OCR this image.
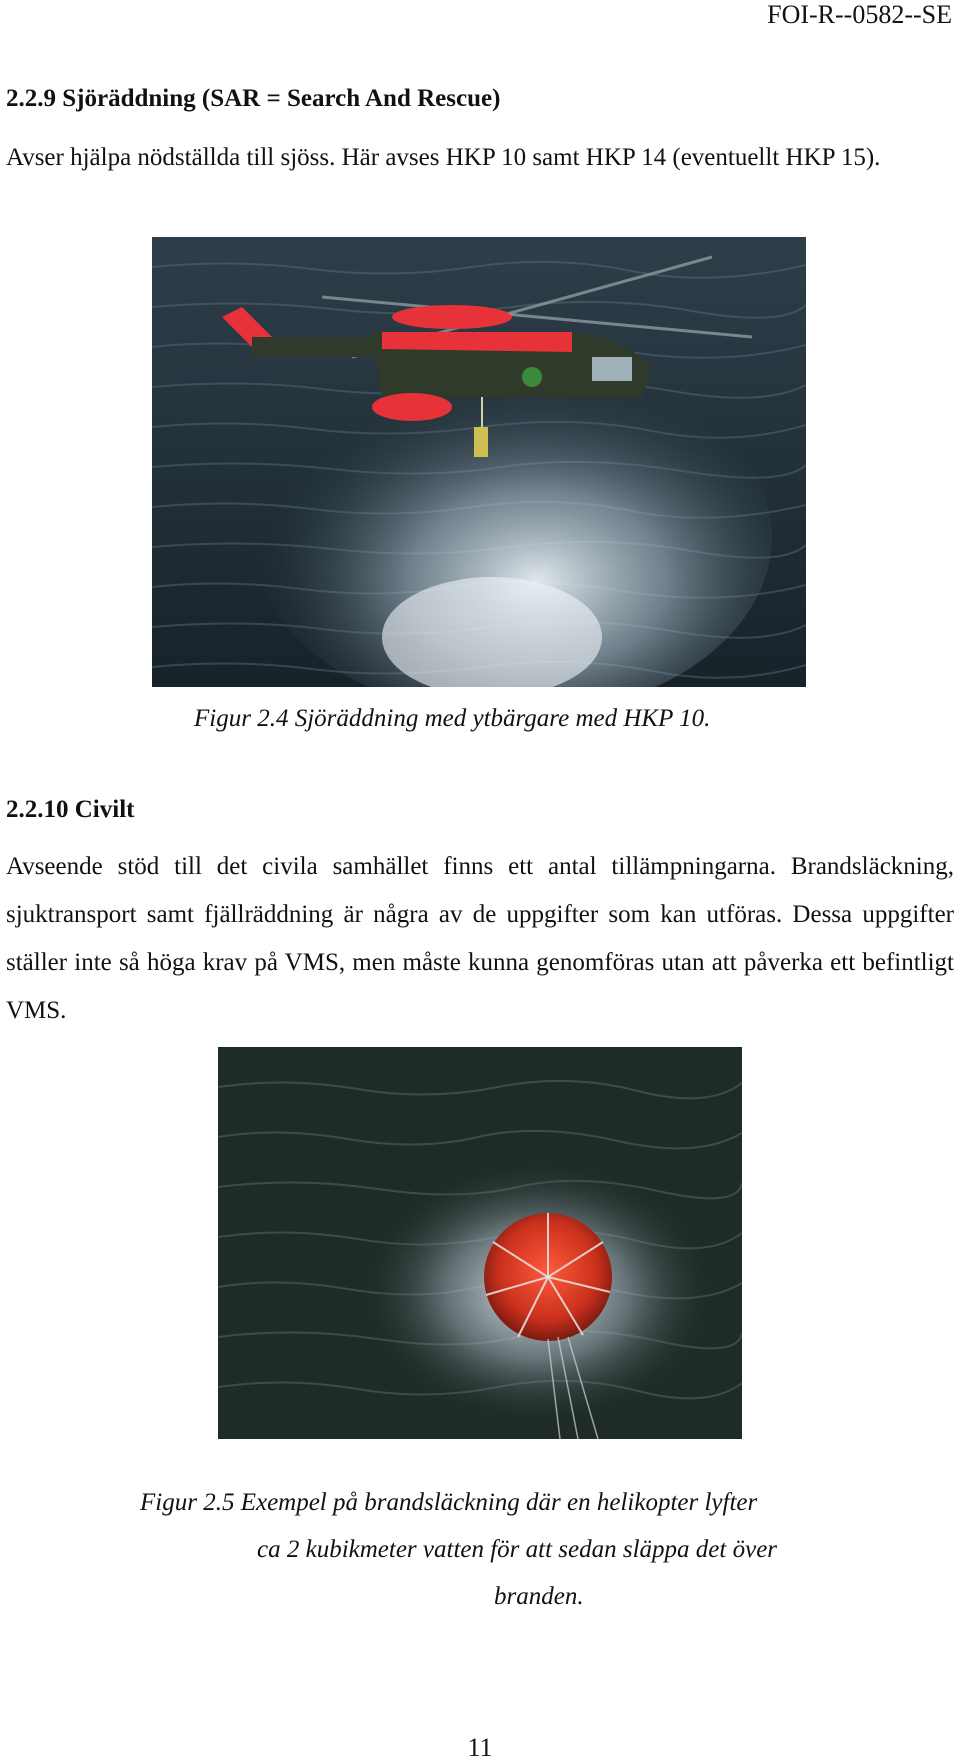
FOI-R--0582--SE
2.2.9 Sjöräddning (SAR = Search And Rescue)

Avser hjälpa nödställda till sjöss. Här avses HKP 10 samt HKP 14 (eventuellt HKP 15).

Figur 2.4 Sjöräddning med ytbärgare med HKP 10.

2.2.10 Civilt

Avseende stöd till det civila samhället finns ett antal tillämpningarna. Brandsläckning, sjuktransport samt fjällräddning är några av de uppgifter som kan utföras. Dessa uppgifter ställer inte så höga krav på VMS, men måste kunna genomföras utan att påverka ett befintligt VMS.

Figur 2.5 Exempel på brandsläckning där en helikopter lyfter

ca 2 kubikmeter vatten för att sedan släppa det över

branden.

11
